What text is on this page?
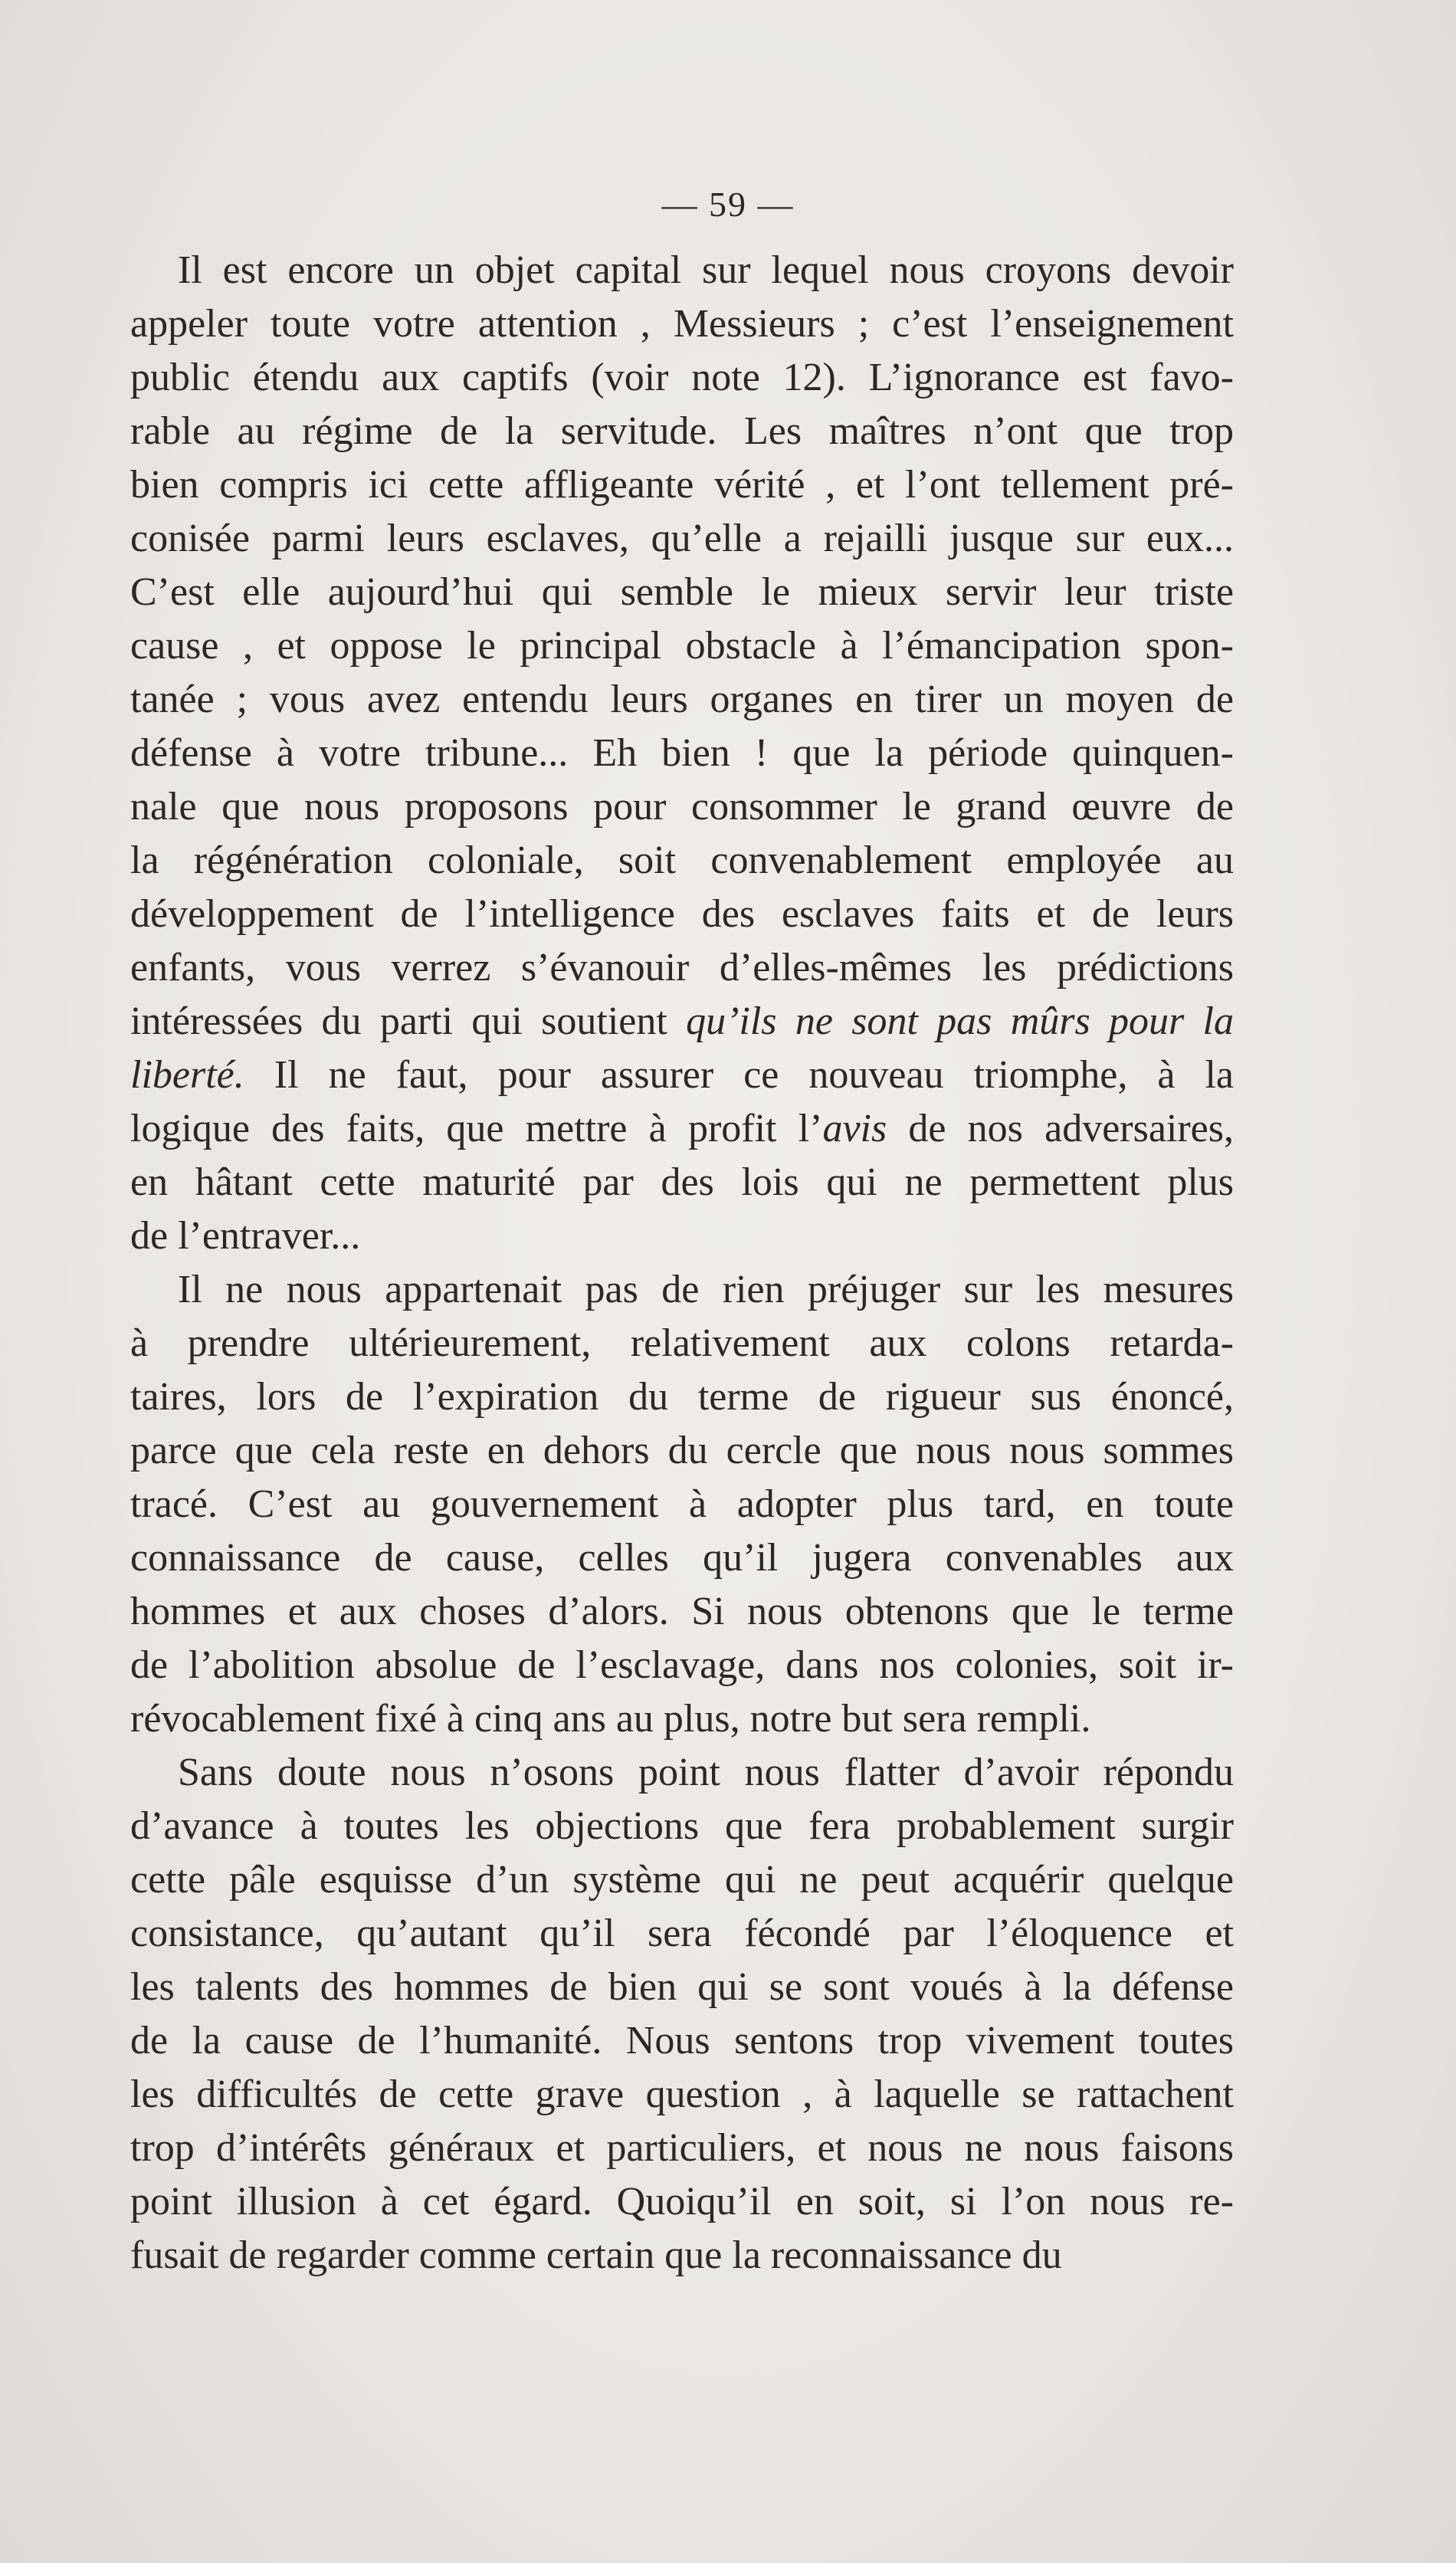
— 59 —
Il est encore un objet capital sur lequel nous croyons devoir
appeler toute votre attention , Messieurs ; c’est l’enseignement
public étendu aux captifs (voir note 12). L’ignorance est favo-
rable au régime de la servitude. Les maîtres n’ont que trop
bien compris ici cette affligeante vérité , et l’ont tellement pré-
conisée parmi leurs esclaves, qu’elle a rejailli jusque sur eux...
C’est elle aujourd’hui qui semble le mieux servir leur triste
cause , et oppose le principal obstacle à l’émancipation spon-
tanée ; vous avez entendu leurs organes en tirer un moyen de
défense à votre tribune... Eh bien ! que la période quinquen-
nale que nous proposons pour consommer le grand œuvre de
la régénération coloniale, soit convenablement employée au
développement de l’intelligence des esclaves faits et de leurs
enfants, vous verrez s’évanouir d’elles-mêmes les prédictions
intéressées du parti qui soutient qu’ils ne sont pas mûrs pour la
liberté. Il ne faut, pour assurer ce nouveau triomphe, à la
logique des faits, que mettre à profit l’avis de nos adversaires,
en hâtant cette maturité par des lois qui ne permettent plus
de l’entraver...
Il ne nous appartenait pas de rien préjuger sur les mesures
à prendre ultérieurement, relativement aux colons retarda-
taires, lors de l’expiration du terme de rigueur sus énoncé,
parce que cela reste en dehors du cercle que nous nous sommes
tracé. C’est au gouvernement à adopter plus tard, en toute
connaissance de cause, celles qu’il jugera convenables aux
hommes et aux choses d’alors. Si nous obtenons que le terme
de l’abolition absolue de l’esclavage, dans nos colonies, soit ir-
révocablement fixé à cinq ans au plus, notre but sera rempli.
Sans doute nous n’osons point nous flatter d’avoir répondu
d’avance à toutes les objections que fera probablement surgir
cette pâle esquisse d’un système qui ne peut acquérir quelque
consistance, qu’autant qu’il sera fécondé par l’éloquence et
les talents des hommes de bien qui se sont voués à la défense
de la cause de l’humanité. Nous sentons trop vivement toutes
les difficultés de cette grave question , à laquelle se rattachent
trop d’intérêts généraux et particuliers, et nous ne nous faisons
point illusion à cet égard. Quoiqu’il en soit, si l’on nous re-
fusait de regarder comme certain que la reconnaissance du
